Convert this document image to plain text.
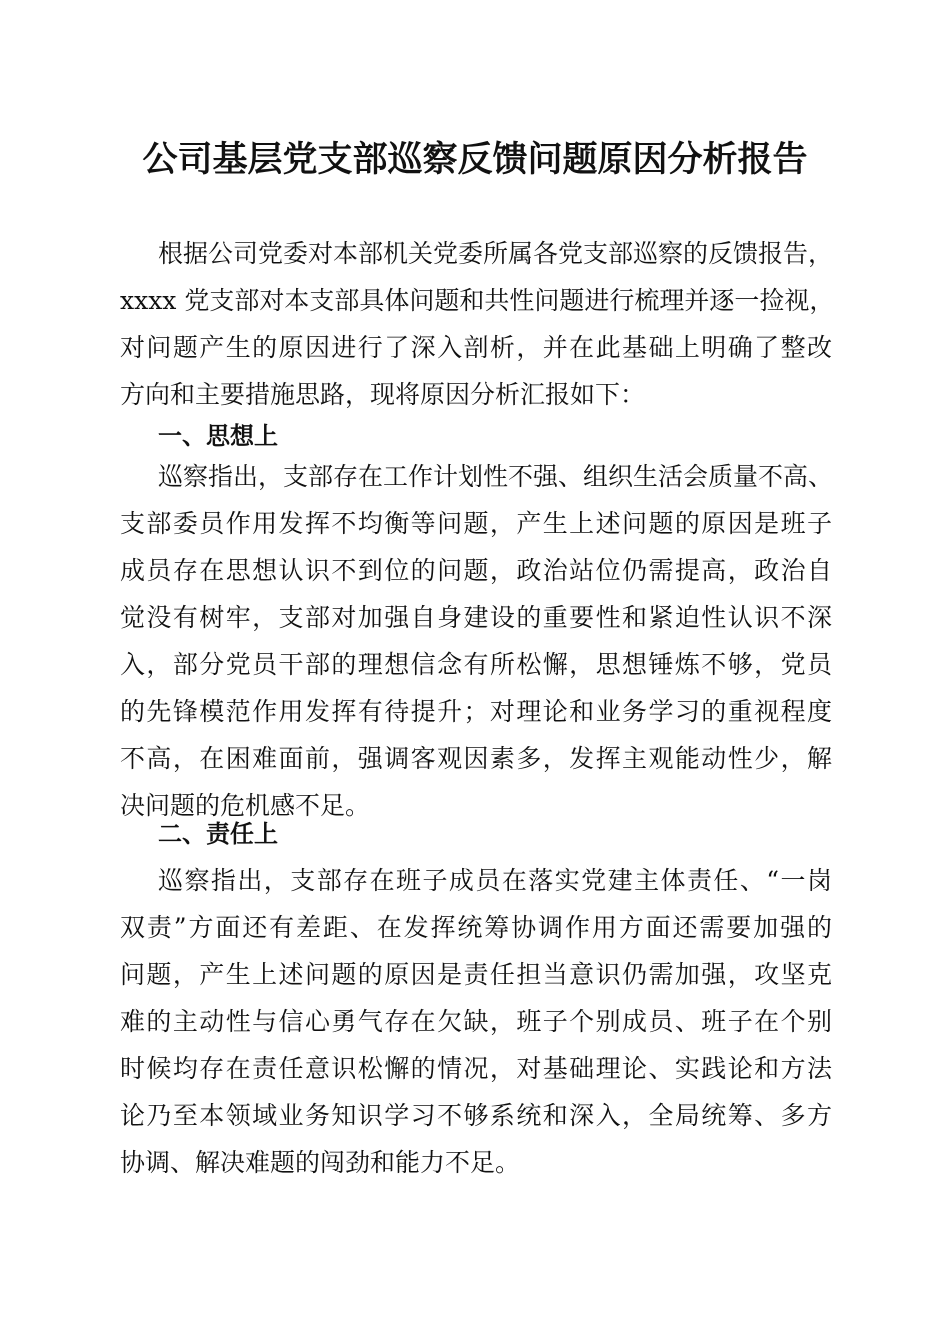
公司基层党支部巡察反馈问题原因分析报告
根据公司党委对本部机关党委所属各党支部巡察的反馈报告，
xxxx 党支部对本支部具体问题和共性问题进行梳理并逐一捡视，
对问题产生的原因进行了深入剖析，并在此基础上明确了整改
方向和主要措施思路，现将原因分析汇报如下：
一、思想上
巡察指出，支部存在工作计划性不强、组织生活会质量不高、
支部委员作用发挥不均衡等问题，产生上述问题的原因是班子
成员存在思想认识不到位的问题，政治站位仍需提高，政治自
觉没有树牢，支部对加强自身建设的重要性和紧迫性认识不深
入，部分党员干部的理想信念有所松懈，思想锤炼不够，党员
的先锋模范作用发挥有待提升；对理论和业务学习的重视程度
不高，在困难面前，强调客观因素多，发挥主观能动性少，解
决问题的危机感不足。
二、责任上
巡察指出，支部存在班子成员在落实党建主体责任、“一岗
双责”方面还有差距、在发挥统筹协调作用方面还需要加强的
问题，产生上述问题的原因是责任担当意识仍需加强，攻坚克
难的主动性与信心勇气存在欠缺，班子个别成员、班子在个别
时候均存在责任意识松懈的情况，对基础理论、实践论和方法
论乃至本领域业务知识学习不够系统和深入，全局统筹、多方
协调、解决难题的闯劲和能力不足。
